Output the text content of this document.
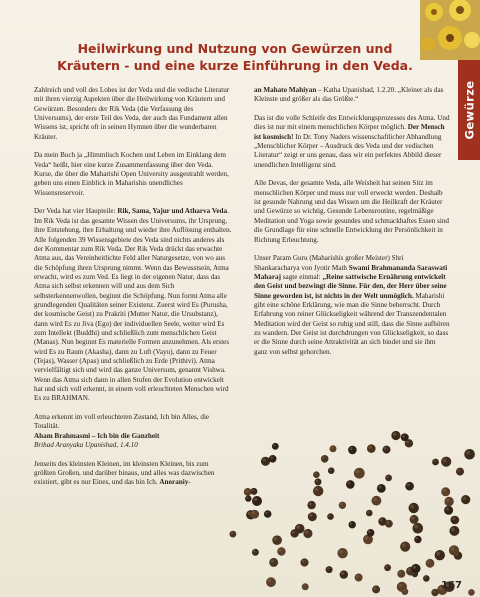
Gewürze
Heilwirkung und Nutzung von Gewürzen und
Kräutern - und eine kurze Einführung in den Veda.

Zahlreich und voll des Lobes ist der Veda und die vedische Literatur mit ihren vierzig Aspekten über die Heilwirkung von Kräutern und Gewürzen. Besonders der Rik Veda (die Verfassung des Universums), der erste Teil des Veda, der auch das Fundament allen Wissens ist, spricht oft in seinen Hymnen über die wunderbaren Kräuter.

Da mein Buch ja „Himmlisch Kochen und Leben im Einklang dem Veda“ heißt, hier eine kurze Zusammenfassung über den Veda. Kurse, die über die Maharishi Open University ausgestrahlt werden, geben uns einen Einblick in Maharishis unendliches Wissensreservoir.

Der Veda hat vier Haupteile: Rik, Sama, Yajur und Atharva Veda. Im Rik Veda ist das gesamte Wissen des Universums, ihr Ursprung, ihre Entstehung, ihre Erhaltung und wieder ihre Auflösung enthalten. Alle folgenden 39 Wissensgebiete des Veda sind nichts anderes als der Kommentar zum Rik Veda. Der Rik Veda drückt das erwachte Atma aus, das Vereinheitlichte Feld aller Naturgesetze, von wo aus die Schöpfung ihren Ursprung nimmt. Wenn das Bewusstsein, Atma erwacht, wird es zum Ved. Es liegt in der eigenen Natur, dass das Atma sich selbst erkennen will und aus dem Sich selbsterkennenwollen, beginnt die Schöpfung. Nun formt Atma alle grundlegenden Qualitäten seiner Existenz. Zuerst wird Es (Purusha, der kosmische Geist) zu Prakriti (Mutter Natur, die Ursubstanz), dann wird Es zu Jiva (Ego) der individuellen Seele, weiter wird Es zum Intellekt (Buddhi) und schließlich zum menschlichen Geist (Manas). Nun beginnt Es materielle Formen anzunehmen. Als erstes wird Es zu Raum (Akasha), dann zu Luft (Vayu), dann zu Feuer (Tejas), Wasser (Apas) und schließlich zu Erde (Prithivi). Atma vervielfältigt sich und wird das ganze Universum, genannt Vishwa. Wenn das Atma sich dann in allen Stufen der Evolution entwickelt hat und sich voll erkennt, in einem voll erleuchteten Menschen wird Es zu BRAHMAN.

Atma erkennt im voll erleuchteten Zustand, Ich bin Alles, die Totalität.
Aham Brahmasmi – Ich bin die Ganzheit
Brihad Aranyaka Upanishad, 1.4.10

Jenseits des kleinsten Kleinen, im kleinsten Kleinen, bis zum größten Großen, und darüber hinaus, und alles was dazwischen existiert, gibt es nur Eines, und das bin Ich. Anoraniy-

an Mahato Mahiyan – Katha Upanishad, 1.2.20. „Kleiner als das Kleinste und größer als das Größte.“

Das ist die volle Schleife des Entwicklungsprozesses des Atma. Und dies ist nur mit einem menschlichen Körper möglich. Der Mensch ist kosmisch! In Dr. Tony Naders wissenschaftlicher Abhandlung „Menschlicher Körper – Ausdruck des Veda und der vedischen Literatur“ zeigt er uns genau, dass wir ein perfektes Abbild dieser unendlichen Intelligenz sind.

Alle Devas, der gesamte Veda, alle Weisheit hat seinen Sitz im menschlichen Körper und muss nur voll erweckt werden. Deshalb ist gesunde Nahrung und das Wissen um die Heilkraft der Kräuter und Gewürze so wichtig. Gesunde Lebensroutine, regelmäßige Meditation und Yoga sowie gesundes und schmackhaftes Essen sind die Grundlage für eine schnelle Entwicklung der Persönlichkeit in Richtung Erleuchtung.

Unser Param Guru (Maharishis großer Meister) Shri Shankaracharya von Jyotir Math Swami Brahmananda Saraswati Maharaj sagte einmal: „Reine sattwische Ernährung entwickelt den Geist und bezwingt die Sinne. Für den, der Herr über seine Sinne geworden ist, ist nichts in der Welt unmöglich. Maharishi gibt eine schöne Erklärung, wie man die Sinne beherrscht. Durch Erfahrung von reiner Glückseligkeit während der Transzendentalen Meditation wird der Geist so ruhig und still, dass die Sinne aufhören zu wandern. Der Geist ist durchdrungen von Glückseligkeit, so dass er die Sinne durch seine Attraktivität an sich bindet und sie ihm ganz von selbst gehorchen.

167
